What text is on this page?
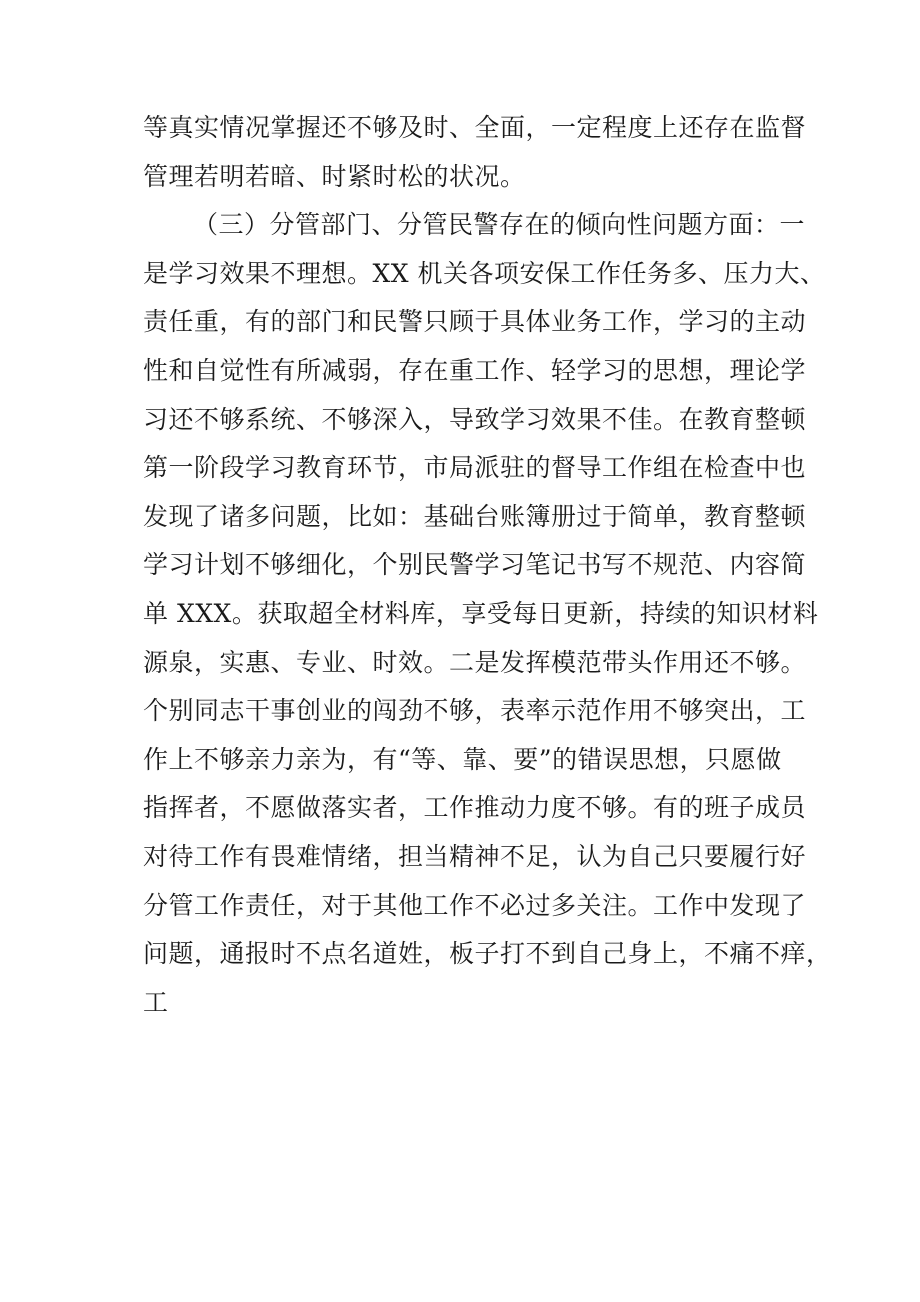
等真实情况掌握还不够及时、全面，一定程度上还存在监督
管理若明若暗、时紧时松的状况。
（三）分管部门、分管民警存在的倾向性问题方面：一
是学习效果不理想。XX 机关各项安保工作任务多、压力大、
责任重，有的部门和民警只顾于具体业务工作，学习的主动
性和自觉性有所减弱，存在重工作、轻学习的思想，理论学
习还不够系统、不够深入，导致学习效果不佳。在教育整顿
第一阶段学习教育环节，市局派驻的督导工作组在检查中也
发现了诸多问题，比如：基础台账簿册过于简单，教育整顿
学习计划不够细化，个别民警学习笔记书写不规范、内容简
单 XXX。获取超全材料库，享受每日更新，持续的知识材料
源泉，实惠、专业、时效。二是发挥模范带头作用还不够。
个别同志干事创业的闯劲不够，表率示范作用不够突出，工
作上不够亲力亲为，有“等、靠、要”的错误思想，只愿做
指挥者，不愿做落实者，工作推动力度不够。有的班子成员
对待工作有畏难情绪，担当精神不足，认为自己只要履行好
分管工作责任，对于其他工作不必过多关注。工作中发现了
问题，通报时不点名道姓，板子打不到自己身上，不痛不痒，
工
